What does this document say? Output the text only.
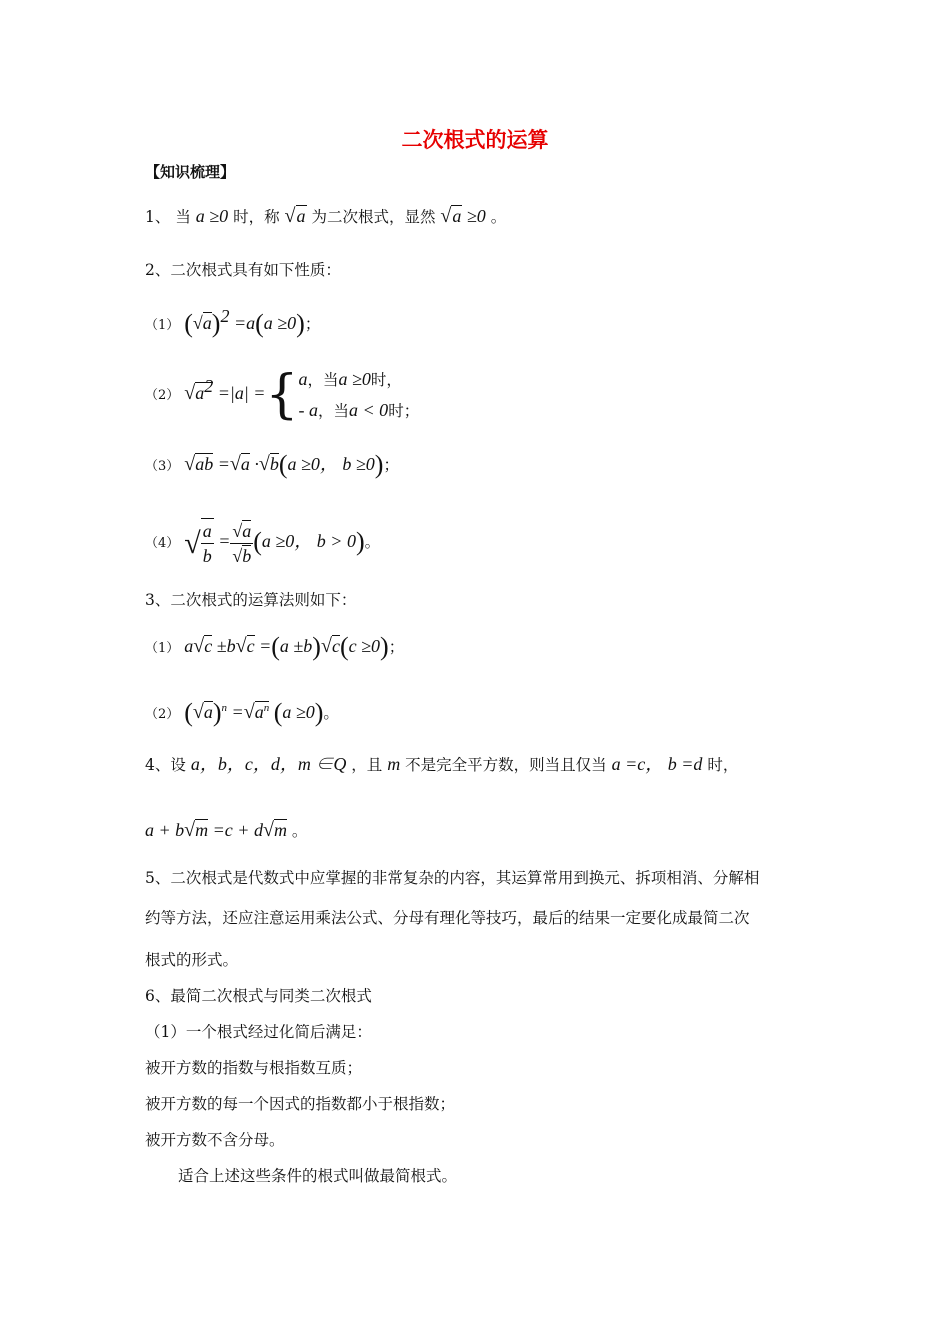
二次根式的运算
【知识梳理】
1、 当 a ≥0 时，称 √a 为二次根式，显然 √a ≥0 。
2、二次根式具有如下性质：
（1） $(√a)^2 =a(a \ge 0)$；
（2） $√a^2 =|a| =\{a$，当a ≥0时，
- a，当a < 0时；
（3） √ab =√a ·√b(a ≥0， b ≥0)；
（4） √ $\frac{a}{b} = \frac{√a}{√b} (a \ge 0$， b > 0)。
3、二次根式的运算法则如下：
（1） a√c ±b√c =(a ±b)√c(c ≥0)；
（2） $(√a)^n =√a^n$ (a ≥0)。
4、设 a，b，c，d，m ∈Q ，且 m 不是完全平方数，则当且仅当 a =c， b =d 时，
a + b√m =c + d√m 。
5、二次根式是代数式中应掌握的非常复杂的内容，其运算常用到换元、拆项相消、分解相
约等方法，还应注意运用乘法公式、分母有理化等技巧，最后的结果一定要化成最简二次
根式的形式。
6、最简二次根式与同类二次根式
（1）一个根式经过化简后满足：
被开方数的指数与根指数互质；
被开方数的每一个因式的指数都小于根指数；
被开方数不含分母。
适合上述这些条件的根式叫做最简根式。
